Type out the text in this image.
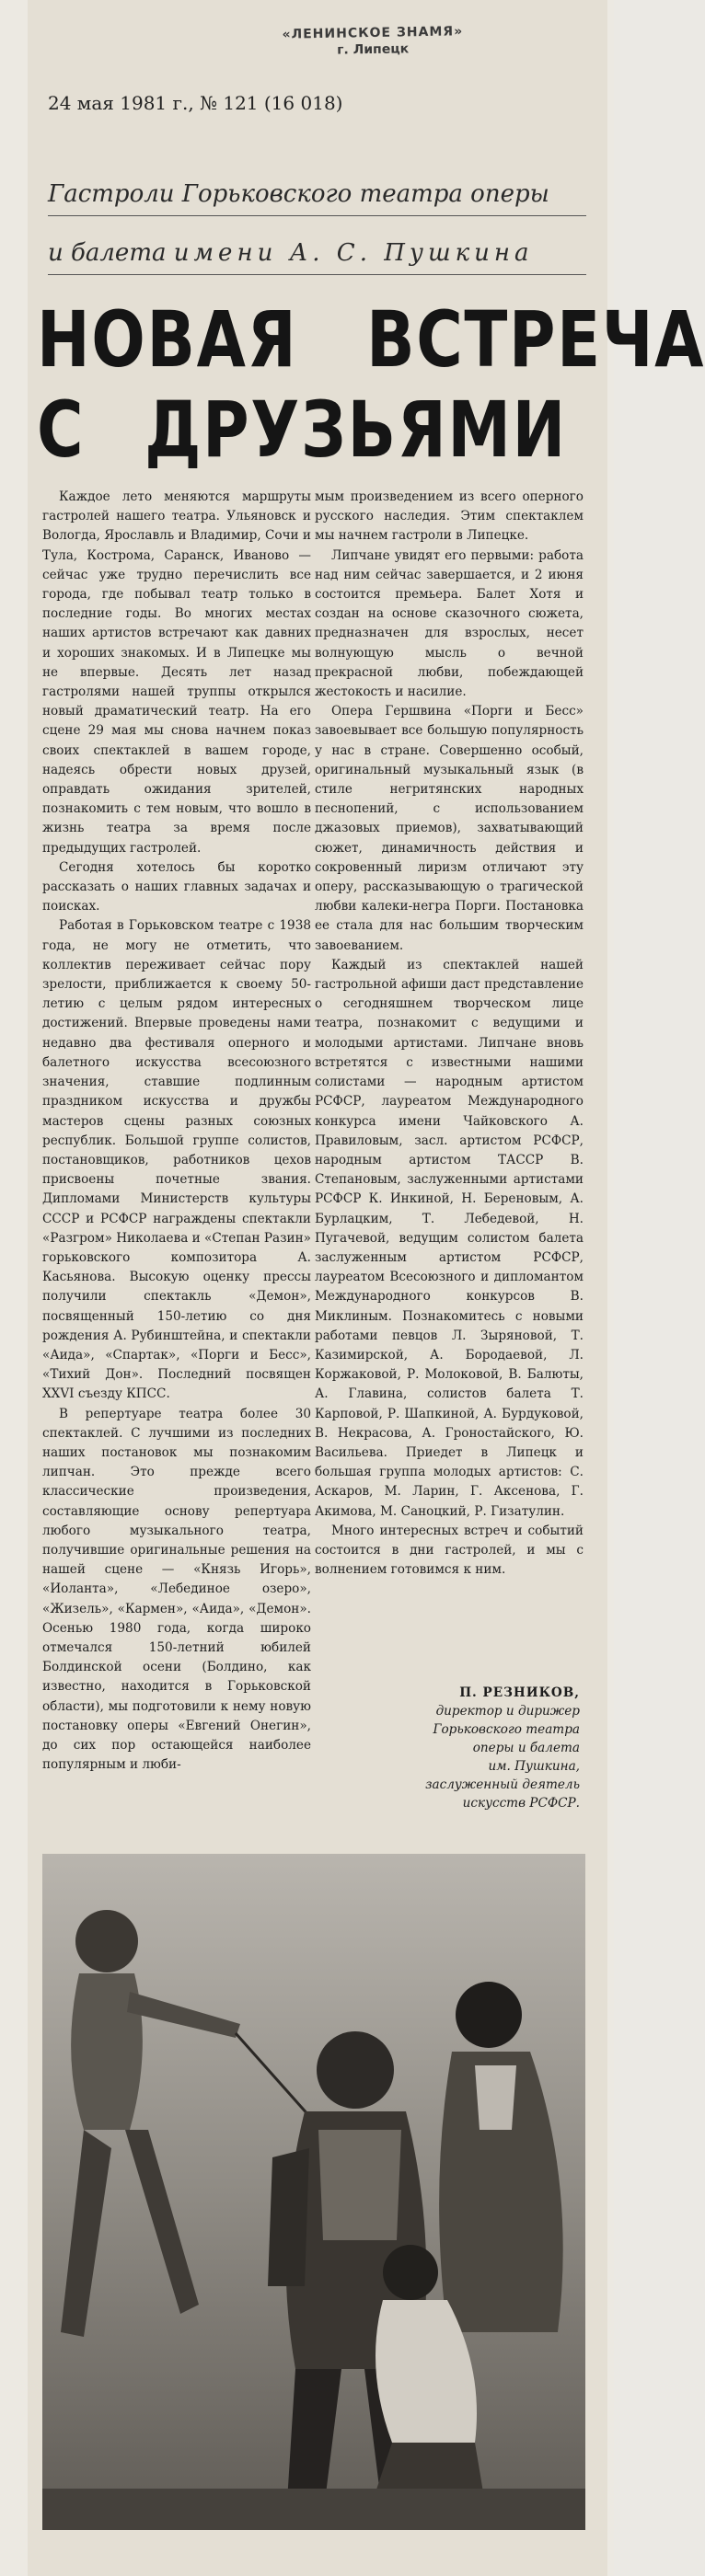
«ЛЕНИНСКОЕ ЗНАМЯ»
г. Липецк
24 мая 1981 г., № 121 (16 018)
Гастроли Горьковского театра оперы
и балета имени А. С. Пушкина
НОВАЯ ВСТРЕЧА
С ДРУЗЬЯМИ

Каждое лето меняются маршруты гастролей нашего театра. Ульяновск и Вологда, Ярославль и Владимир, Сочи и Тула, Кострома, Саранск, Иваново — сейчас уже трудно перечислить все города, где побывал театр только в последние годы. Во многих местах наших артистов встречают как давних и хороших знакомых. И в Липецке мы не впервые. Десять лет назад гастролями нашей труппы открылся новый драматический театр. На его сцене 29 мая мы снова начнем показ своих спектаклей в вашем городе, надеясь обрести новых друзей, оправдать ожидания зрителей, познакомить с тем новым, что вошло в жизнь театра за время после предыдущих гастролей.

Сегодня хотелось бы коротко рассказать о наших главных задачах и поисках.

Работая в Горьковском театре с 1938 года, не могу не отметить, что коллектив переживает сейчас пору зрелости, приближается к своему 50-летию с целым рядом интересных достижений. Впервые проведены нами недавно два фестиваля оперного и балетного искусства всесоюзного значения, ставшие подлинным праздником искусства и дружбы мастеров сцены разных союзных республик. Большой группе солистов, постановщиков, работников цехов присвоены почетные звания. Дипломами Министерств культуры СССР и РСФСР награждены спектакли «Разгром» Николаева и «Степан Разин» горьковского композитора А. Касьянова. Высокую оценку прессы получили спектакль «Демон», посвященный 150-летию со дня рождения А. Рубинштейна, и спектакли «Аида», «Спартак», «Порги и Бесс», «Тихий Дон». Последний посвящен XXVI съезду КПСС.

В репертуаре театра более 30 спектаклей. С лучшими из последних наших постановок мы познакомим липчан. Это прежде всего классические произведения, составляющие основу репертуара любого музыкального театра, получившие оригинальные решения на нашей сцене — «Князь Игорь», «Иоланта», «Лебединое озеро», «Жизель», «Кармен», «Аида», «Демон». Осенью 1980 года, когда широко отмечался 150-летний юбилей Болдинской осени (Болдино, как известно, находится в Горьковской области), мы подготовили к нему новую постановку оперы «Евгений Онегин», до сих пор остающейся наиболее популярным и люби-

мым произведением из всего оперного русского наследия. Этим спектаклем мы начнем гастроли в Липецке.

Липчане увидят его первыми: работа над ним сейчас завершается, и 2 июня состоится премьера. Балет Хотя и создан на основе сказочного сюжета, предназначен для взрослых, несет волнующую мысль о вечной прекрасной любви, побеждающей жестокость и насилие.

Опера Гершвина «Порги и Бесс» завоевывает все большую популярность у нас в стране. Совершенно особый, оригинальный музыкальный язык (в стиле негритянских народных песнопений, с использованием джазовых приемов), захватывающий сюжет, динамичность действия и сокровенный лиризм отличают эту оперу, рассказывающую о трагической любви калеки-негра Порги. Постановка ее стала для нас большим творческим завоеванием.

Каждый из спектаклей нашей гастрольной афиши даст представление о сегодняшнем творческом лице театра, познакомит с ведущими и молодыми артистами. Липчане вновь встретятся с известными нашими солистами — народным артистом РСФСР, лауреатом Международного конкурса имени Чайковского А. Правиловым, засл. артистом РСФСР, народным артистом ТАССР В. Степановым, заслуженными артистами РСФСР К. Инкиной, Н. Береновым, А. Бурлацким, Т. Лебедевой, Н. Пугачевой, ведущим солистом балета заслуженным артистом РСФСР, лауреатом Всесоюзного и дипломантом Международного конкурсов В. Миклиным. Познакомитесь с новыми работами певцов Л. Зыряновой, Т. Казимирской, А. Бородаевой, Л. Коржаковой, Р. Молоковой, В. Балюты, А. Главина, солистов балета Т. Карповой, Р. Шапкиной, А. Бурдуковой, В. Некрасова, А. Гроностайского, Ю. Васильева. Приедет в Липецк и большая группа молодых артистов: С. Аскаров, М. Ларин, Г. Аксенова, Г. Акимова, М. Саноцкий, Р. Гизатулин.

Много интересных встреч и событий состоится в дни гастролей, и мы с волнением готовимся к ним.

П. РЕЗНИКОВ,
директор и дирижер
Горьковского театра
оперы и балета
им. Пушкина,
заслуженный деятель
искусств РСФСР.
